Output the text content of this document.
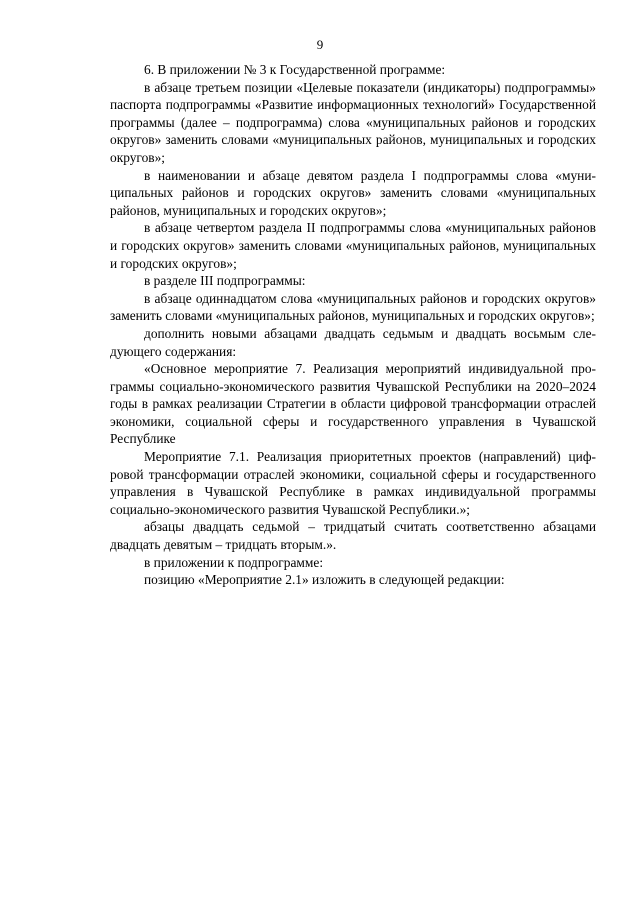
9

6. В приложении № 3 к Государственной программе:

в абзаце третьем позиции «Целевые показатели (индикаторы) подпрограммы» паспорта подпрограммы «Развитие информационных технологий» Государственной программы (далее – подпрограмма) слова «муниципальных районов и городских округов» заменить словами «муниципальных районов, муниципальных и городских округов»;

в наименовании и абзаце девятом раздела I подпрограммы слова «муниципальных районов и городских округов» заменить словами «муниципальных районов, муниципальных и городских округов»;

в абзаце четвертом раздела II подпрограммы слова «муниципальных районов и городских округов» заменить словами «муниципальных районов, муниципальных и городских округов»;

в разделе III подпрограммы:

в абзаце одиннадцатом слова «муниципальных районов и городских округов» заменить словами «муниципальных районов, муниципальных и городских округов»;

дополнить новыми абзацами двадцать седьмым и двадцать восьмым следующего содержания:

«Основное мероприятие 7. Реализация мероприятий индивидуальной программы социально-экономического развития Чувашской Республики на 2020–2024 годы в рамках реализации Стратегии в области цифровой трансформации отраслей экономики, социальной сферы и государственного управления в Чувашской Республике

Мероприятие 7.1. Реализация приоритетных проектов (направлений) цифровой трансформации отраслей экономики, социальной сферы и государственного управления в Чувашской Республике в рамках индивидуальной программы социально-экономического развития Чувашской Республики.»;

абзацы двадцать седьмой – тридцатый считать соответственно абзацами двадцать девятым – тридцать вторым.».

в приложении к подпрограмме:

позицию «Мероприятие 2.1» изложить в следующей редакции:
